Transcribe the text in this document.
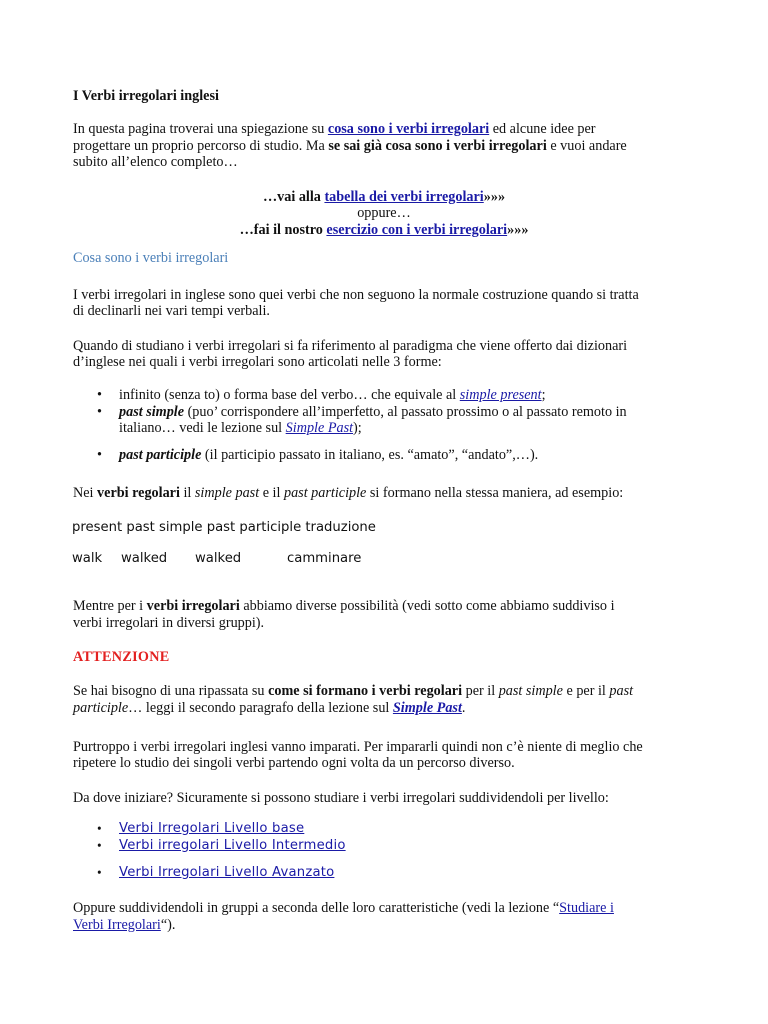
I Verbi irregolari inglesi

In questa pagina troverai una spiegazione su cosa sono i verbi irregolari ed alcune idee per

progettare un proprio percorso di studio. Ma se sai già cosa sono i verbi irregolari e vuoi andare

subito all’elenco completo…

…vai alla tabella dei verbi irregolari»»»

oppure…

…fai il nostro esercizio con i verbi irregolari»»»

Cosa sono i verbi irregolari

I verbi irregolari in inglese sono quei verbi che non seguono la normale costruzione quando si tratta

di declinarli nei vari tempi verbali.

Quando di studiano i verbi irregolari si fa riferimento al paradigma che viene offerto dai dizionari

d’inglese nei quali i verbi irregolari sono articolati nelle 3 forme:

• infinito (senza to) o forma base del verbo… che equivale al simple present;
• past simple (puo’ corrispondere all’imperfetto, al passato prossimo o al passato remoto in
italiano… vedi le lezione sul Simple Past);
• past participle (il participio passato in italiano, es. “amato”, “andato”,…).

Nei verbi regolari il simple past e il past participle si formano nella stessa maniera, ad esempio:

present past simple past participle traduzione
walk walked walked	camminare

Mentre per i verbi irregolari abbiamo diverse possibilità (vedi sotto come abbiamo suddiviso i

verbi irregolari in diversi gruppi).

ATTENZIONE

Se hai bisogno di una ripassata su come si formano i verbi regolari per il past simple e per il past

participle… leggi il secondo paragrafo della lezione sul Simple Past.

Purtroppo i verbi irregolari inglesi vanno imparati. Per impararli quindi non c’è niente di meglio che

ripetere lo studio dei singoli verbi partendo ogni volta da un percorso diverso.

Da dove iniziare? Sicuramente si possono studiare i verbi irregolari suddividendoli per livello:

• Verbi Irregolari Livello base
• Verbi irregolari Livello Intermedio
• Verbi Irregolari Livello Avanzato

Oppure suddividendoli in gruppi a seconda delle loro caratteristiche (vedi la lezione “Studiare i

Verbi Irregolari“).
